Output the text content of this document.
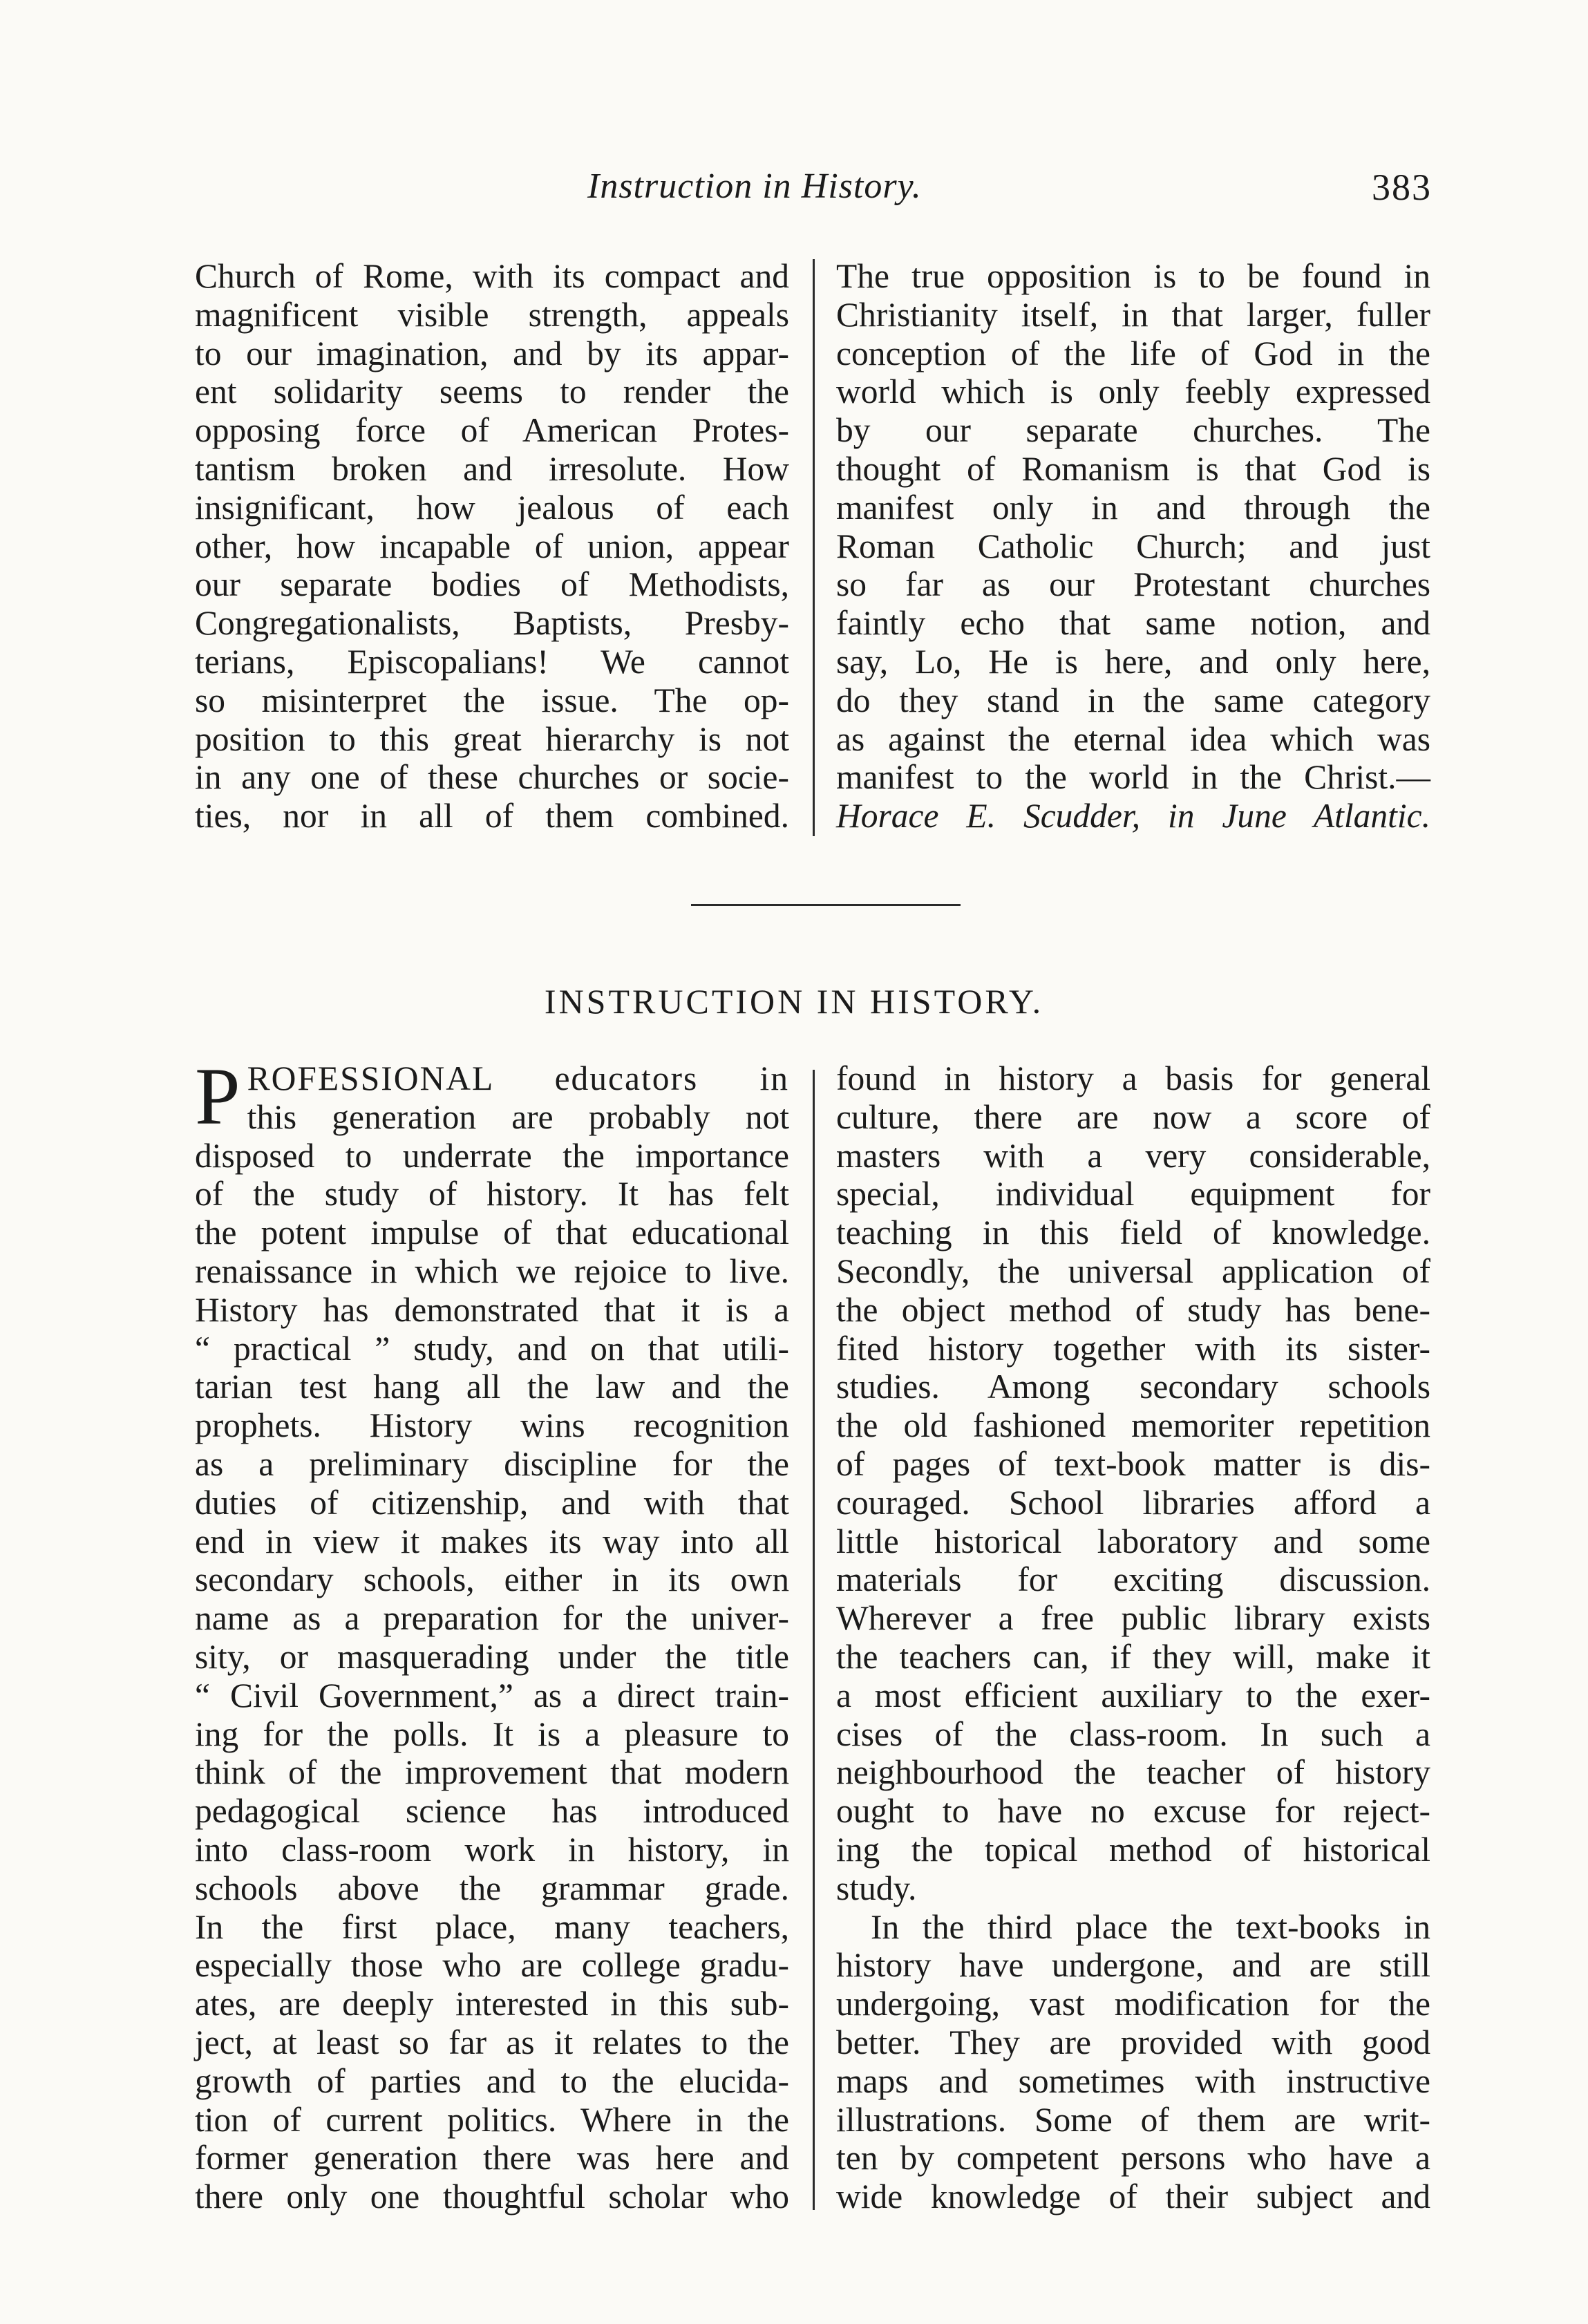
Instruction in History.	383
Church of Rome, with its compact and
magnificent visible strength, appeals
to our imagination, and by its appar-
ent solidarity seems to render the
opposing force of American Protes-
tantism broken and irresolute. How
insignificant, how jealous of each
other, how incapable of union, appear
our separate bodies of Methodists,
Congregationalists, Baptists, Presby-
terians, Episcopalians! We cannot
so misinterpret the issue. The op-
position to this great hierarchy is not
in any one of these churches or socie-
ties, nor in all of them combined.
The true opposition is to be found in
Christianity itself, in that larger, fuller
conception of the life of God in the
world which is only feebly expressed
by our separate churches. The
thought of Romanism is that God is
manifest only in and through the
Roman Catholic Church; and just
so far as our Protestant churches
faintly echo that same notion, and
say, Lo, He is here, and only here,
do they stand in the same category
as against the eternal idea which was
manifest to the world in the Christ.—
Horace E. Scudder, in June Atlantic.
INSTRUCTION IN HISTORY.
P ROFESSIONAL educators in
this generation are probably not
disposed to underrate the importance
of the study of history. It has felt
the potent impulse of that educational
renaissance in which we rejoice to live.
History has demonstrated that it is a
“ practical ” study, and on that utili-
tarian test hang all the law and the
prophets. History wins recognition
as a preliminary discipline for the
duties of citizenship, and with that
end in view it makes its way into all
secondary schools, either in its own
name as a preparation for the univer-
sity, or masquerading under the title
“ Civil Government,” as a direct train-
ing for the polls. It is a pleasure to
think of the improvement that modern
pedagogical science has introduced
into class-room work in history, in
schools above the grammar grade.
In the first place, many teachers,
especially those who are college gradu-
ates, are deeply interested in this sub-
ject, at least so far as it relates to the
growth of parties and to the elucida-
tion of current politics. Where in the
former generation there was here and
there only one thoughtful scholar who
found in history a basis for general
culture, there are now a score of
masters with a very considerable,
special, individual equipment for
teaching in this field of knowledge.
Secondly, the universal application of
the object method of study has bene-
fited history together with its sister-
studies. Among secondary schools
the old fashioned memoriter repetition
of pages of text-book matter is dis-
couraged. School libraries afford a
little historical laboratory and some
materials for exciting discussion.
Wherever a free public library exists
the teachers can, if they will, make it
a most efficient auxiliary to the exer-
cises of the class-room. In such a
neighbourhood the teacher of history
ought to have no excuse for reject-
ing the topical method of historical
study.
In the third place the text-books in
history have undergone, and are still
undergoing, vast modification for the
better. They are provided with good
maps and sometimes with instructive
illustrations. Some of them are writ-
ten by competent persons who have a
wide knowledge of their subject and
